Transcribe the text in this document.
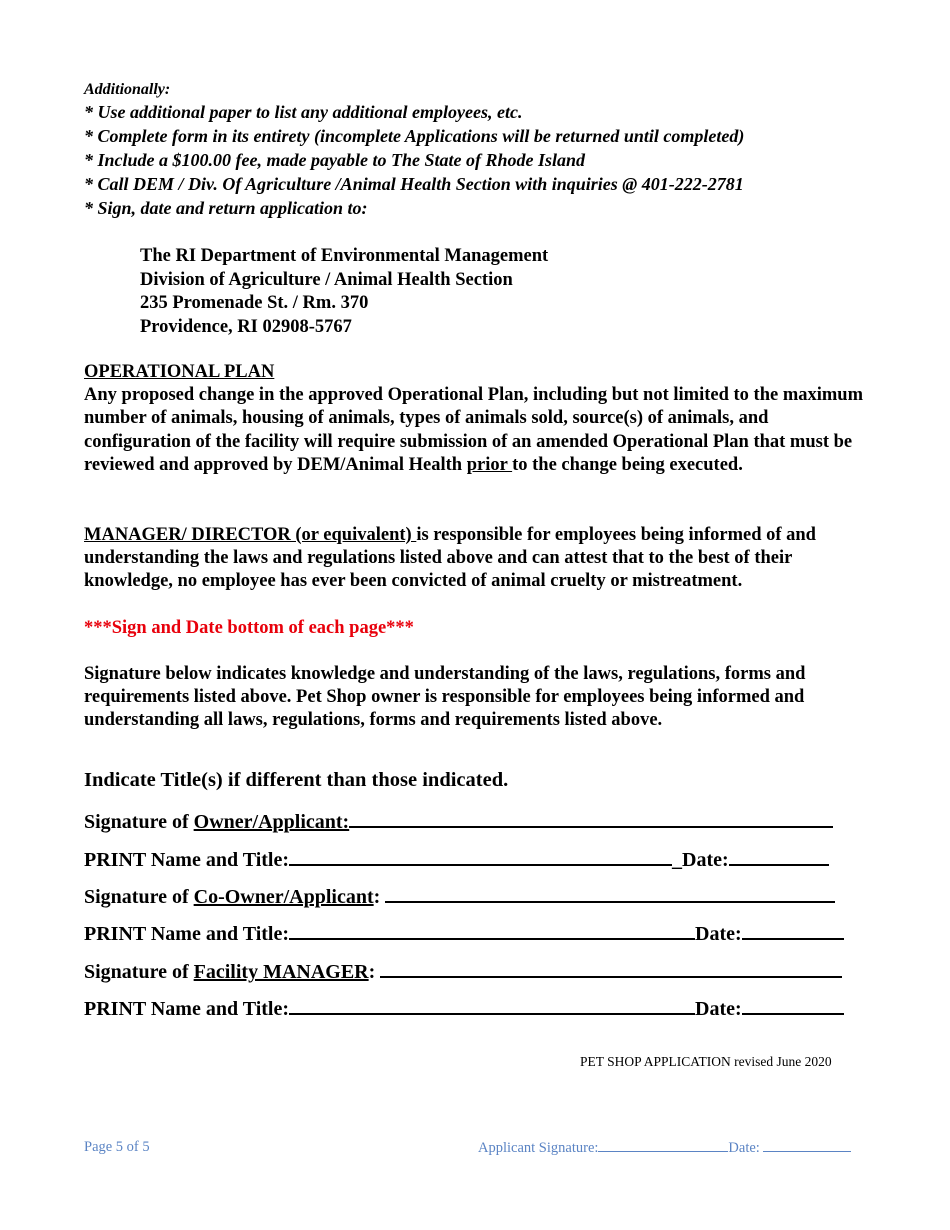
Additionally:
* Use additional paper to list any additional employees, etc.
* Complete form in its entirety (incomplete Applications will be returned until completed)
* Include a $100.00 fee, made payable to The State of Rhode Island
* Call DEM / Div. Of Agriculture /Animal Health Section with inquiries @ 401-222-2781
* Sign, date and return application to:
The RI Department of Environmental Management
Division of Agriculture / Animal Health Section
235 Promenade St. / Rm. 370
Providence, RI 02908-5767
OPERATIONAL PLAN
Any proposed change in the approved Operational Plan, including but not limited to the maximum number of animals, housing of animals, types of animals sold, source(s) of animals, and configuration of the facility will require submission of an amended Operational Plan that must be reviewed and approved by DEM/Animal Health prior to the change being executed.
MANAGER/ DIRECTOR (or equivalent) is responsible for employees being informed of and understanding the laws and regulations listed above and can attest that to the best of their knowledge, no employee has ever been convicted of animal cruelty or mistreatment.
***Sign and Date bottom of each page***
Signature below indicates knowledge and understanding of the laws, regulations, forms and requirements listed above. Pet Shop owner is responsible for employees being informed and understanding all laws, regulations, forms and requirements listed above.
Indicate Title(s) if different than those indicated.
Signature of Owner/Applicant:
PRINT Name and Title:	_Date:
Signature of Co-Owner/Applicant:
PRINT Name and Title:	Date:
Signature of Facility MANAGER:
PRINT Name and Title:	Date:
PET SHOP APPLICATION revised June 2020
Page 5 of 5	Applicant Signature:	Date:
